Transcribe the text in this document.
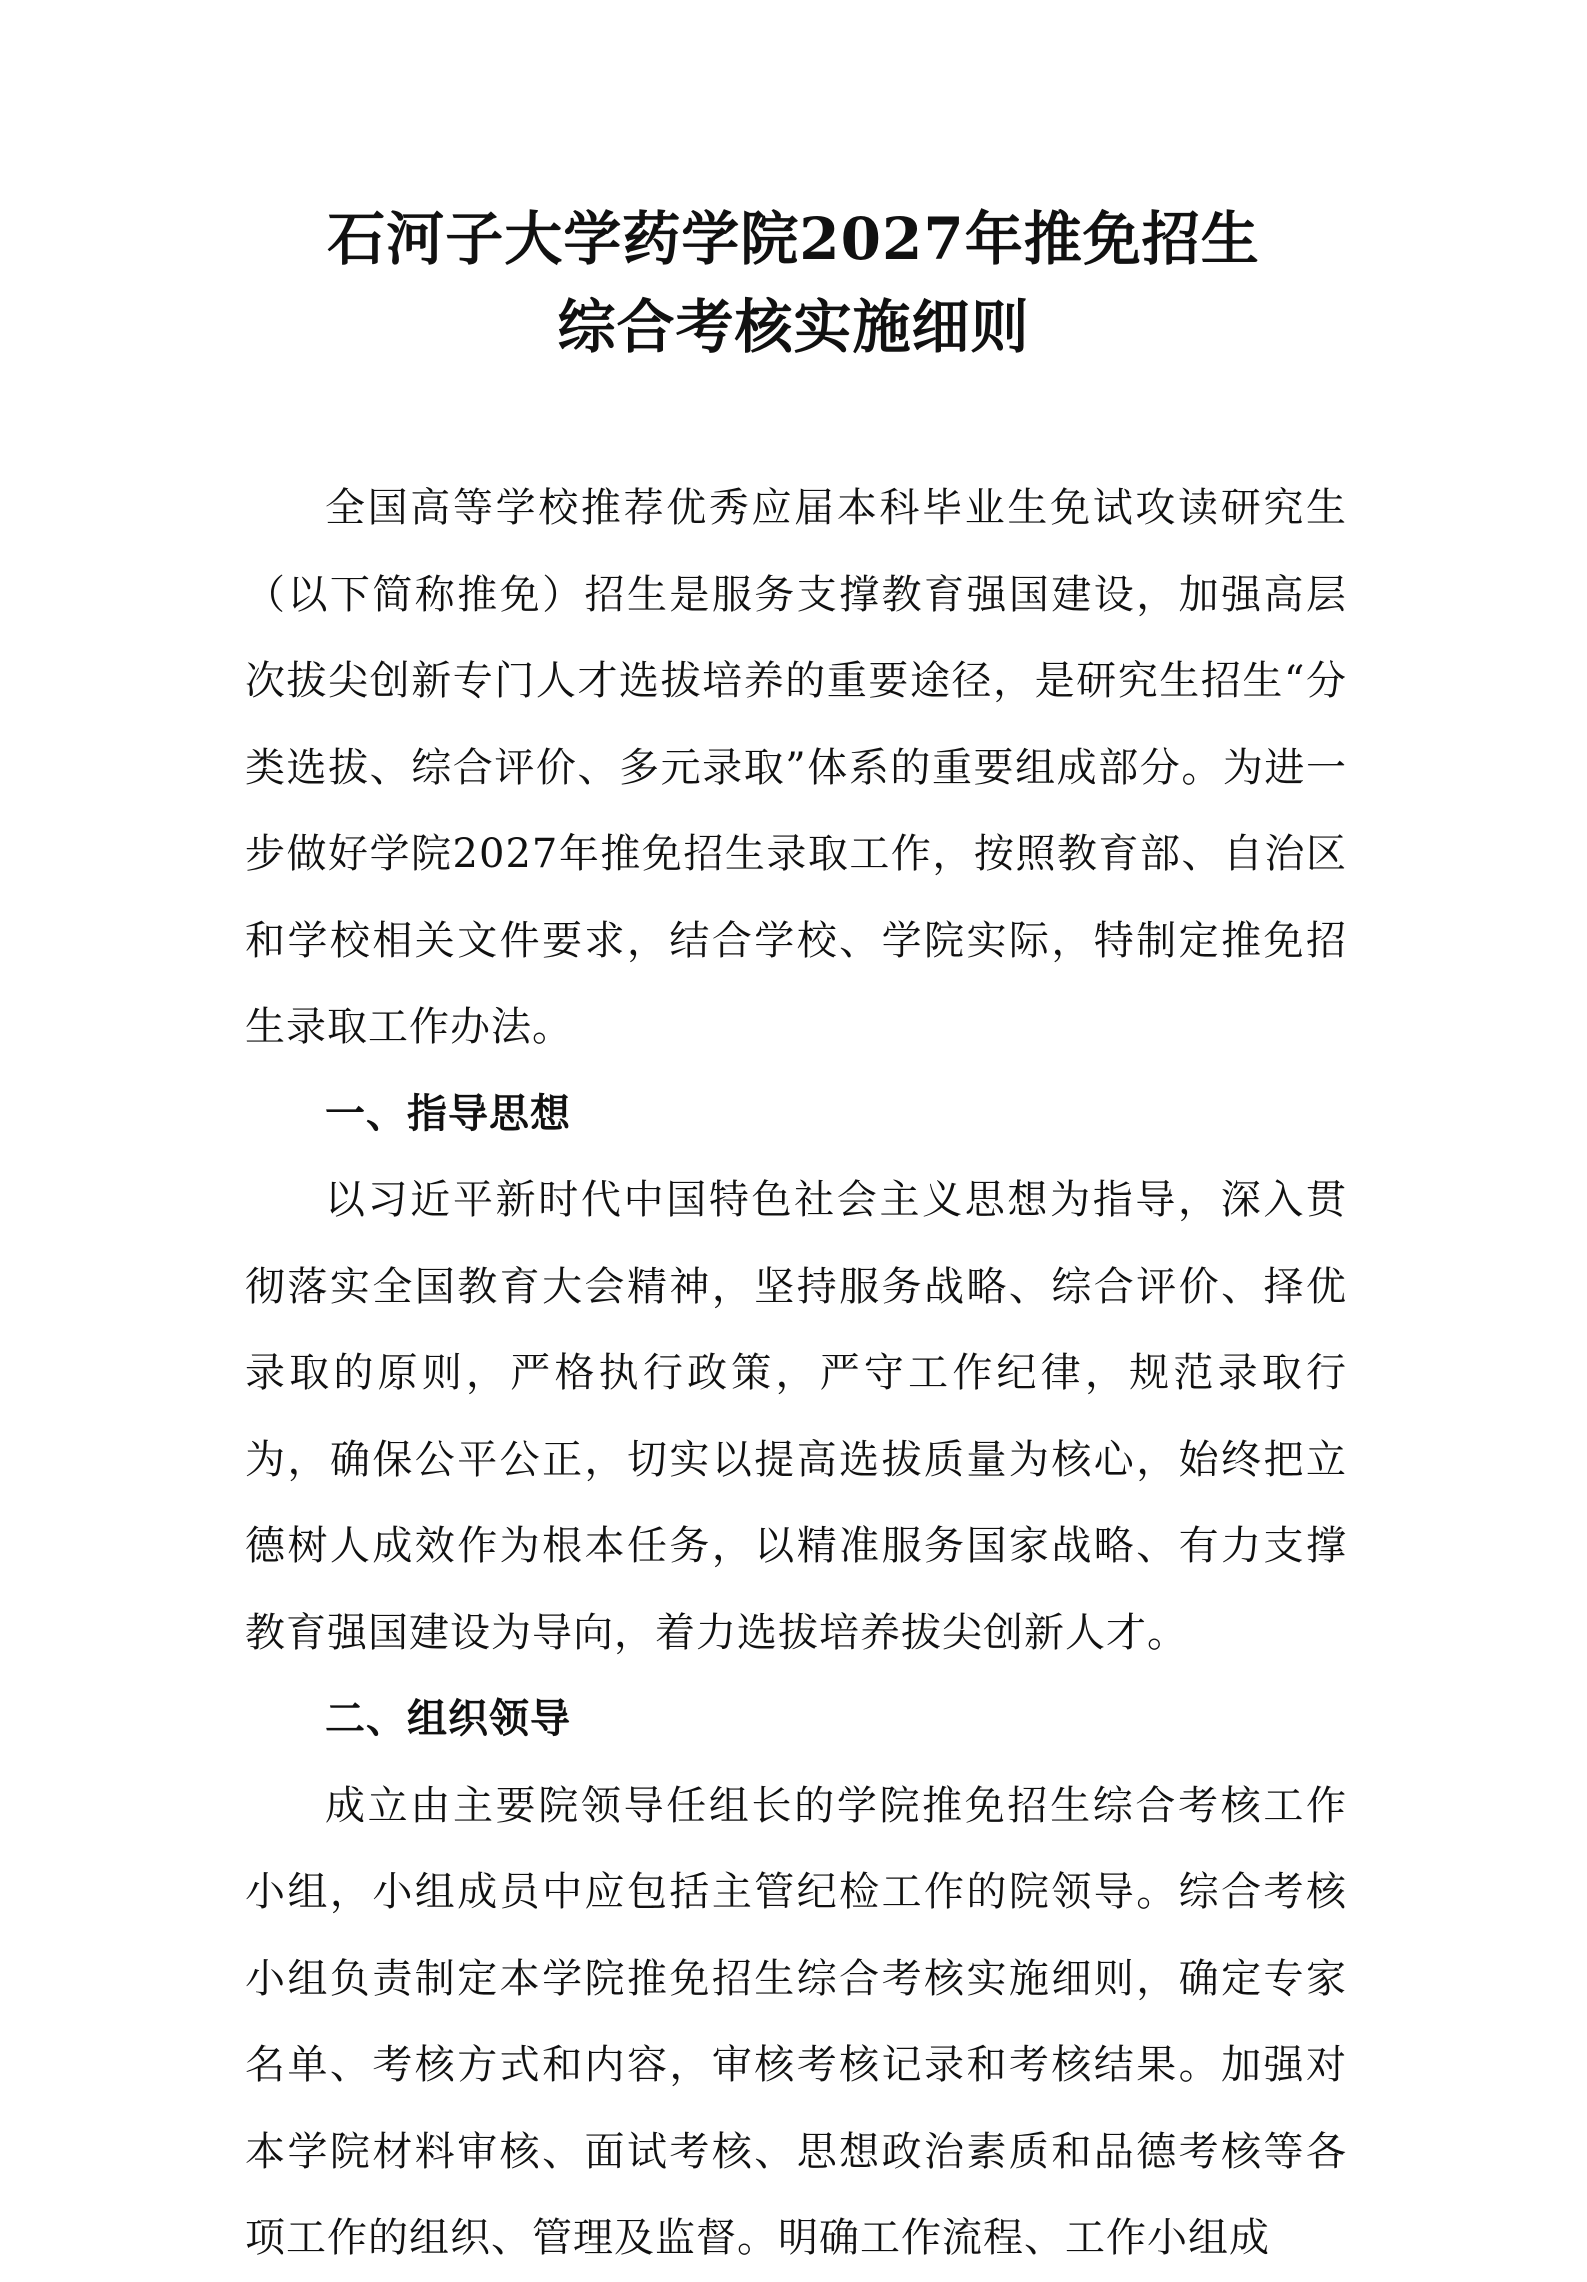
石河子大学药学院2027年推免招生
综合考核实施细则

全国高等学校推荐优秀应届本科毕业生免试攻读研究生（以下简称推免）招生是服务支撑教育强国建设，加强高层次拔尖创新专门人才选拔培养的重要途径，是研究生招生“分类选拔、综合评价、多元录取”体系的重要组成部分。为进一步做好学院2027年推免招生录取工作，按照教育部、自治区和学校相关文件要求，结合学校、学院实际，特制定推免招生录取工作办法。

一、指导思想

以习近平新时代中国特色社会主义思想为指导，深入贯彻落实全国教育大会精神，坚持服务战略、综合评价、择优录取的原则，严格执行政策，严守工作纪律，规范录取行为，确保公平公正，切实以提高选拔质量为核心，始终把立德树人成效作为根本任务，以精准服务国家战略、有力支撑教育强国建设为导向，着力选拔培养拔尖创新人才。

二、组织领导

成立由主要院领导任组长的学院推免招生综合考核工作小组，小组成员中应包括主管纪检工作的院领导。综合考核小组负责制定本学院推免招生综合考核实施细则，确定专家名单、考核方式和内容，审核考核记录和考核结果。加强对本学院材料审核、面试考核、思想政治素质和品德考核等各项工作的组织、管理及监督。明确工作流程、工作小组成
